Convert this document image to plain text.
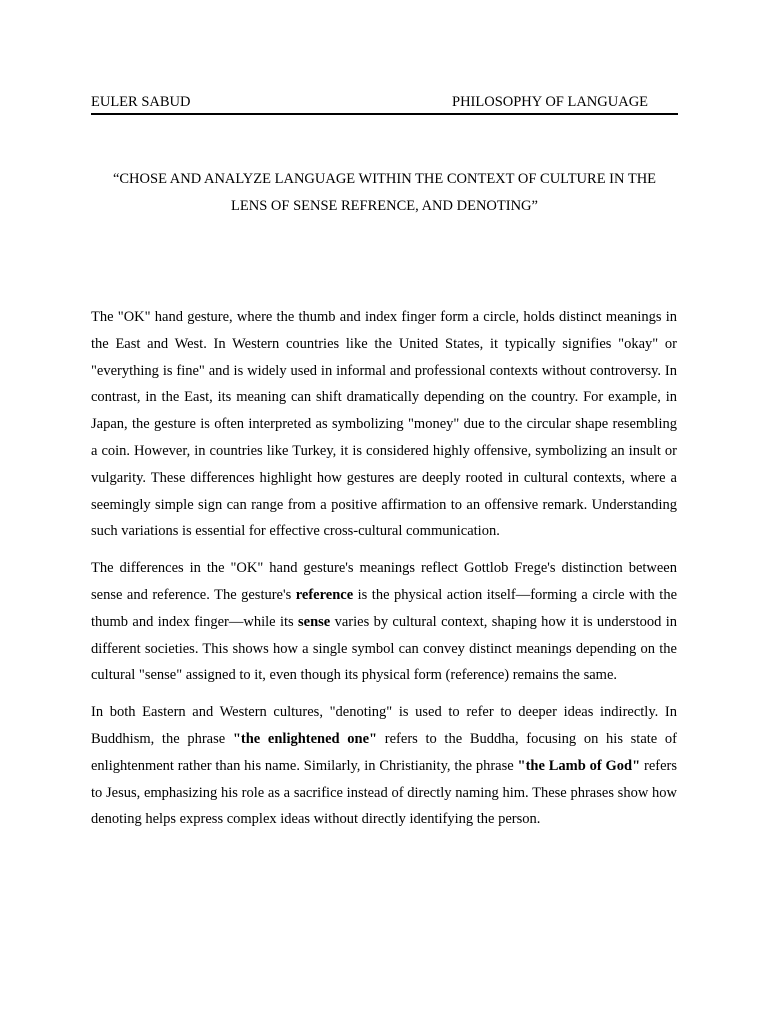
EULER SABUD	PHILOSOPHY OF LANGUAGE
“CHOSE AND ANALYZE LANGUAGE WITHIN THE CONTEXT OF CULTURE IN THE
LENS OF SENSE REFRENCE, AND DENOTING”

The "OK" hand gesture, where the thumb and index finger form a circle, holds distinct meanings in the East and West. In Western countries like the United States, it typically signifies "okay" or "everything is fine" and is widely used in informal and professional contexts without controversy. In contrast, in the East, its meaning can shift dramatically depending on the country. For example, in Japan, the gesture is often interpreted as symbolizing "money" due to the circular shape resembling a coin. However, in countries like Turkey, it is considered highly offensive, symbolizing an insult or vulgarity. These differences highlight how gestures are deeply rooted in cultural contexts, where a seemingly simple sign can range from a positive affirmation to an offensive remark. Understanding such variations is essential for effective cross-cultural communication.

The differences in the "OK" hand gesture's meanings reflect Gottlob Frege's distinction between sense and reference. The gesture's reference is the physical action itself—forming a circle with the thumb and index finger—while its sense varies by cultural context, shaping how it is understood in different societies. This shows how a single symbol can convey distinct meanings depending on the cultural "sense" assigned to it, even though its physical form (reference) remains the same.

In both Eastern and Western cultures, "denoting" is used to refer to deeper ideas indirectly. In Buddhism, the phrase "the enlightened one" refers to the Buddha, focusing on his state of enlightenment rather than his name. Similarly, in Christianity, the phrase "the Lamb of God" refers to Jesus, emphasizing his role as a sacrifice instead of directly naming him. These phrases show how denoting helps express complex ideas without directly identifying the person.
